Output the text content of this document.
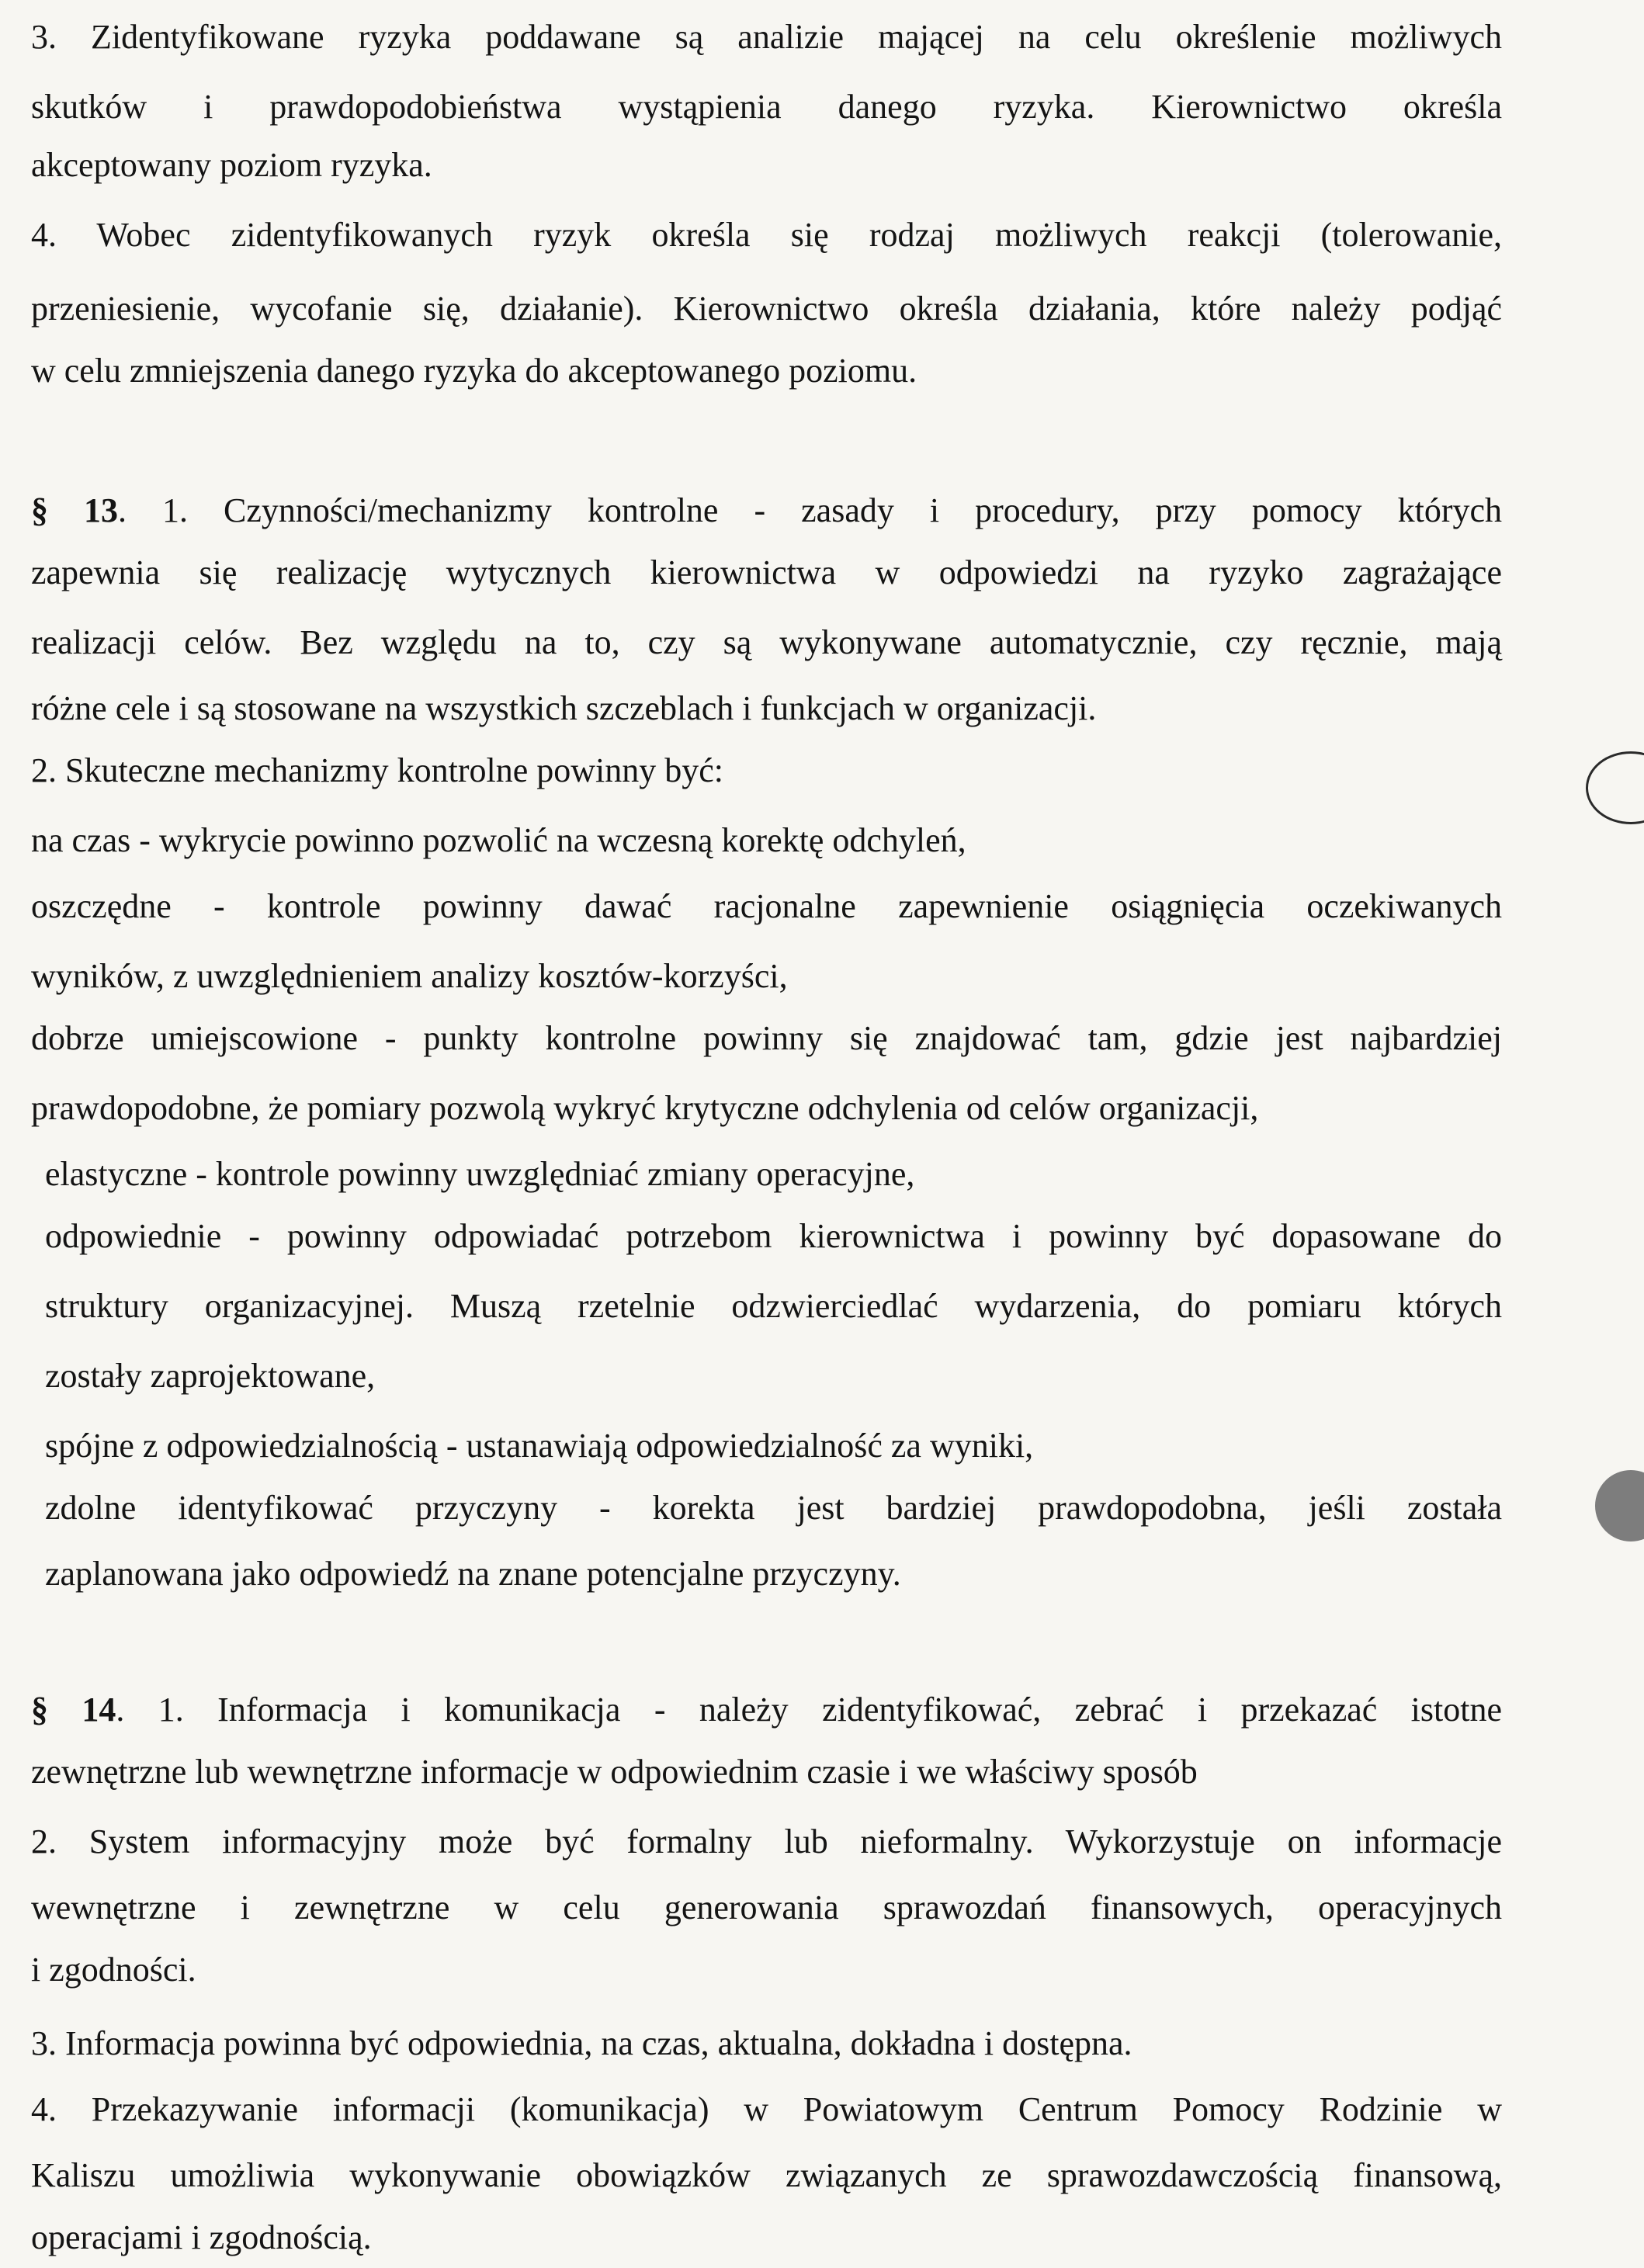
3. Zidentyfikowane ryzyka poddawane są analizie mającej na celu określenie możliwych

skutków i prawdopodobieństwa wystąpienia danego ryzyka. Kierownictwo określa

akceptowany poziom ryzyka.

4. Wobec zidentyfikowanych ryzyk określa się rodzaj możliwych reakcji (tolerowanie,

przeniesienie, wycofanie się, działanie). Kierownictwo określa działania, które należy podjąć

w celu zmniejszenia danego ryzyka do akceptowanego poziomu.

§ 13. 1. Czynności/mechanizmy kontrolne - zasady i procedury, przy pomocy których

zapewnia się realizację wytycznych kierownictwa w odpowiedzi na ryzyko zagrażające

realizacji celów. Bez względu na to, czy są wykonywane automatycznie, czy ręcznie, mają

różne cele i są stosowane na wszystkich szczeblach i funkcjach w organizacji.

2. Skuteczne mechanizmy kontrolne powinny być:

na czas - wykrycie powinno pozwolić na wczesną korektę odchyleń,

oszczędne - kontrole powinny dawać racjonalne zapewnienie osiągnięcia oczekiwanych

wyników, z uwzględnieniem analizy kosztów-korzyści,

dobrze umiejscowione - punkty kontrolne powinny się znajdować tam, gdzie jest najbardziej

prawdopodobne, że pomiary pozwolą wykryć krytyczne odchylenia od celów organizacji,

elastyczne - kontrole powinny uwzględniać zmiany operacyjne,

odpowiednie - powinny odpowiadać potrzebom kierownictwa i powinny być dopasowane do

struktury organizacyjnej. Muszą rzetelnie odzwierciedlać wydarzenia, do pomiaru których

zostały zaprojektowane,

spójne z odpowiedzialnością - ustanawiają odpowiedzialność za wyniki,

zdolne identyfikować przyczyny - korekta jest bardziej prawdopodobna, jeśli została

zaplanowana jako odpowiedź na znane potencjalne przyczyny.

§ 14. 1. Informacja i komunikacja - należy zidentyfikować, zebrać i przekazać istotne

zewnętrzne lub wewnętrzne informacje w odpowiednim czasie i we właściwy sposób

2. System informacyjny może być formalny lub nieformalny. Wykorzystuje on informacje

wewnętrzne i zewnętrzne w celu generowania sprawozdań finansowych, operacyjnych

i zgodności.

3. Informacja powinna być odpowiednia, na czas, aktualna, dokładna i dostępna.

4. Przekazywanie informacji (komunikacja) w Powiatowym Centrum Pomocy Rodzinie w

Kaliszu umożliwia wykonywanie obowiązków związanych ze sprawozdawczością finansową,

operacjami i zgodnością.
